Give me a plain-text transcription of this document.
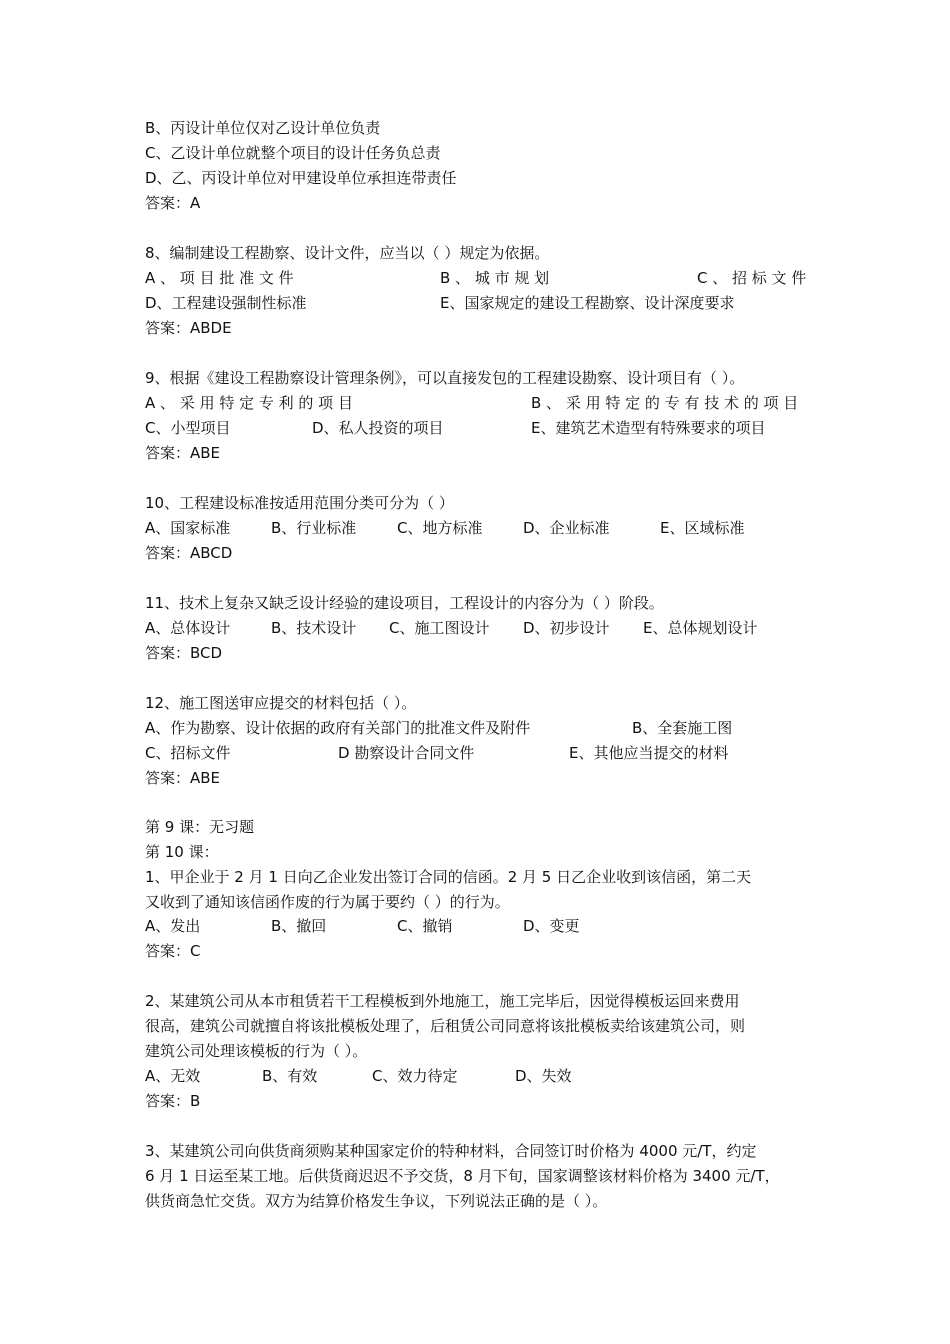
B、丙设计单位仅对乙设计单位负责
C、乙设计单位就整个项目的设计任务负总责
D、乙、丙设计单位对甲建设单位承担连带责任
答案：A
8、编制建设工程勘察、设计文件，应当以（ ）规定为依据。
A 、 项 目 批 准 文 件	B 、 城 市 规 划	C 、 招 标 文 件
D、工程建设强制性标准	E、国家规定的建设工程勘察、设计深度要求
答案：ABDE
9、根据《建设工程勘察设计管理条例》，可以直接发包的工程建设勘察、设计项目有（ ）。
A 、 采 用 特 定 专 利 的 项 目	B 、 采 用 特 定 的 专 有 技 术 的 项 目
C、小型项目	D、私人投资的项目	E、建筑艺术造型有特殊要求的项目
答案：ABE
10、工程建设标准按适用范围分类可分为（ ）
A、国家标准	B、行业标准	C、地方标准	D、企业标准	E、区域标准
答案：ABCD
11、技术上复杂又缺乏设计经验的建设项目，工程设计的内容分为（ ）阶段。
A、总体设计	B、技术设计 C、施工图设计 D、初步设计 E、总体规划设计
答案：BCD
12、施工图送审应提交的材料包括（ ）。
A、作为勘察、设计依据的政府有关部门的批准文件及附件	B、全套施工图
C、招标文件	D 勘察设计合同文件	E、其他应当提交的材料
答案：ABE
第 9 课：无习题
第 10 课：
1、甲企业于 2 月 1 日向乙企业发出签订合同的信函。2 月 5 日乙企业收到该信函，第二天
又收到了通知该信函作废的行为属于要约（ ）的行为。
A、发出	B、撤回	C、撤销	D、变更
答案：C
2、某建筑公司从本市租赁若干工程模板到外地施工，施工完毕后，因觉得模板运回来费用
很高，建筑公司就擅自将该批模板处理了，后租赁公司同意将该批模板卖给该建筑公司，则
建筑公司处理该模板的行为（ ）。
A、无效	B、有效	C、效力待定	D、失效
答案：B
3、某建筑公司向供货商须购某种国家定价的特种材料，合同签订时价格为 4000 元/T，约定
6 月 1 日运至某工地。后供货商迟迟不予交货，8 月下旬，国家调整该材料价格为 3400 元/T，
供货商急忙交货。双方为结算价格发生争议，下列说法正确的是（ ）。
